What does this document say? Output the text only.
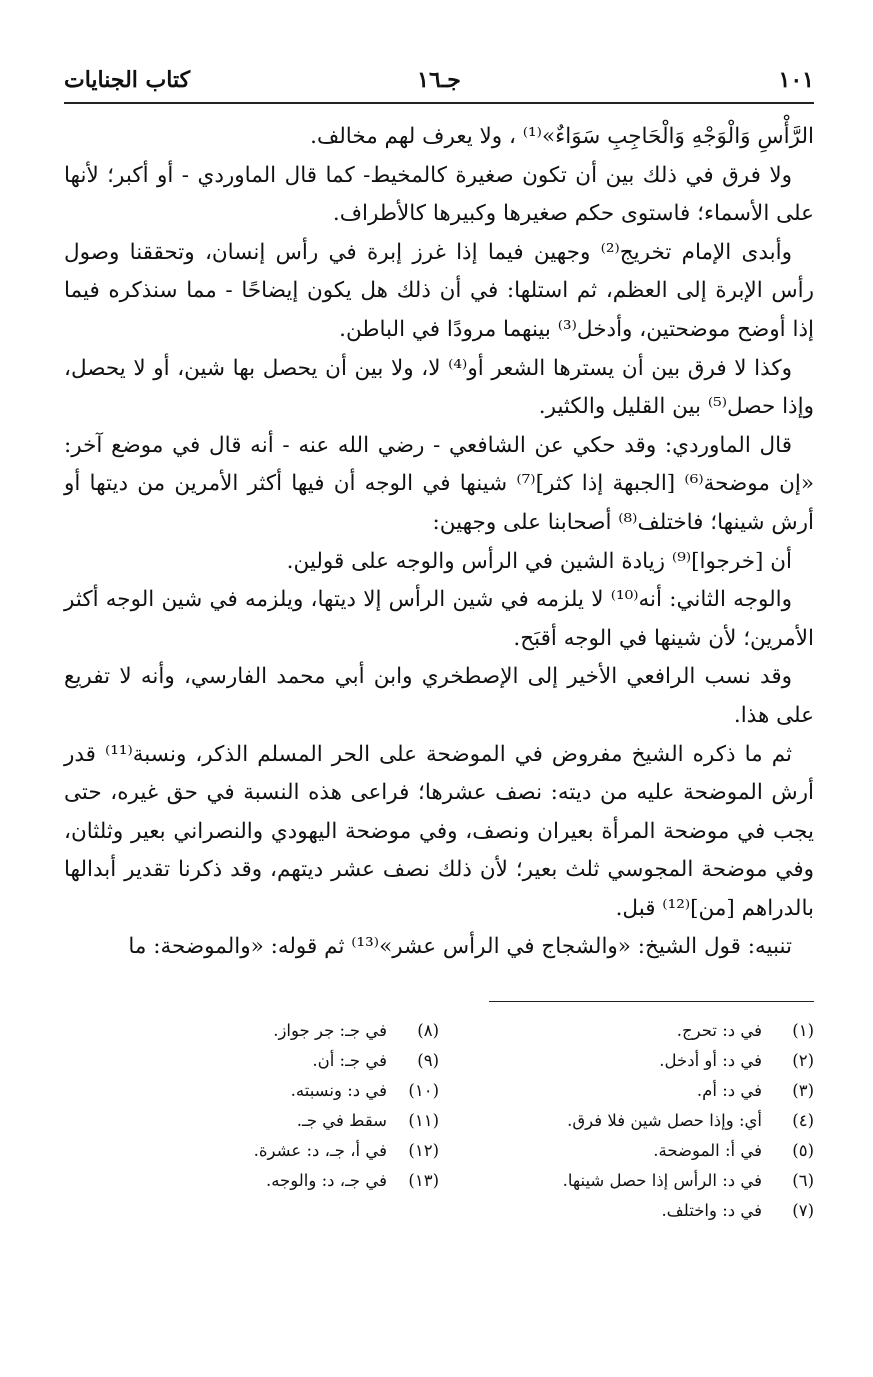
١٠١
جـ١٦
كتاب الجنايات

الرَّأْسِ وَالْوَجْهِ وَالْحَاجِبِ سَوَاءٌ»⁽¹⁾ ، ولا يعرف لهم مخالف.

ولا فرق في ذلك بين أن تكون صغيرة كالمخيط- كما قال الماوردي - أو أكبر؛ لأنها على الأسماء؛ فاستوى حكم صغيرها وكبيرها كالأطراف.

وأبدى الإمام تخريج⁽²⁾ وجهين فيما إذا غرز إبرة في رأس إنسان، وتحققنا وصول رأس الإبرة إلى العظم، ثم استلها: في أن ذلك هل يكون إيضاحًا - مما سنذكره فيما إذا أوضح موضحتين، وأدخل⁽³⁾ بينهما مرودًا في الباطن.

وكذا لا فرق بين أن يسترها الشعر أو⁽⁴⁾ لا، ولا بين أن يحصل بها شين، أو لا يحصل، وإذا حصل⁽⁵⁾ بين القليل والكثير.

قال الماوردي: وقد حكي عن الشافعي - رضي الله عنه - أنه قال في موضع آخر: «إن موضحة⁽⁶⁾ [الجبهة إذا كثر]⁽⁷⁾ شينها في الوجه أن فيها أكثر الأمرين من ديتها أو أرش شينها؛ فاختلف⁽⁸⁾ أصحابنا على وجهين:

أن [خرجوا]⁽⁹⁾ زيادة الشين في الرأس والوجه على قولين.

والوجه الثاني: أنه⁽¹⁰⁾ لا يلزمه في شين الرأس إلا ديتها، ويلزمه في شين الوجه أكثر الأمرين؛ لأن شينها في الوجه أقبَح.

وقد نسب الرافعي الأخير إلى الإصطخري وابن أبي محمد الفارسي، وأنه لا تفريع على هذا.

ثم ما ذكره الشيخ مفروض في الموضحة على الحر المسلم الذكر، ونسبة⁽¹¹⁾ قدر أرش الموضحة عليه من ديته: نصف عشرها؛ فراعى هذه النسبة في حق غيره، حتى يجب في موضحة المرأة بعيران ونصف، وفي موضحة اليهودي والنصراني بعير وثلثان، وفي موضحة المجوسي ثلث بعير؛ لأن ذلك نصف عشر ديتهم، وقد ذكرنا تقدير أبدالها بالدراهم [من]⁽¹²⁾ قبل.

تنبيه: قول الشيخ: «والشجاج في الرأس عشر»⁽¹³⁾ ثم قوله: «والموضحة: ما

(١)
في د: تحرج.
(٢)
في د: أو أدخل.
(٣)
في د: أم.
(٤)
أي: وإذا حصل شين فلا فرق.
(٥)
في أ: الموضحة.
(٦)
في د: الرأس إذا حصل شينها.
(٧)
في د: واختلف.
(٨)
في جـ: جر جواز.
(٩)
في جـ: أن.
(١٠)
في د: ونسبته.
(١١)
سقط في جـ.
(١٢)
في أ، جـ، د: عشرة.
(١٣)
في جـ، د: والوجه.
